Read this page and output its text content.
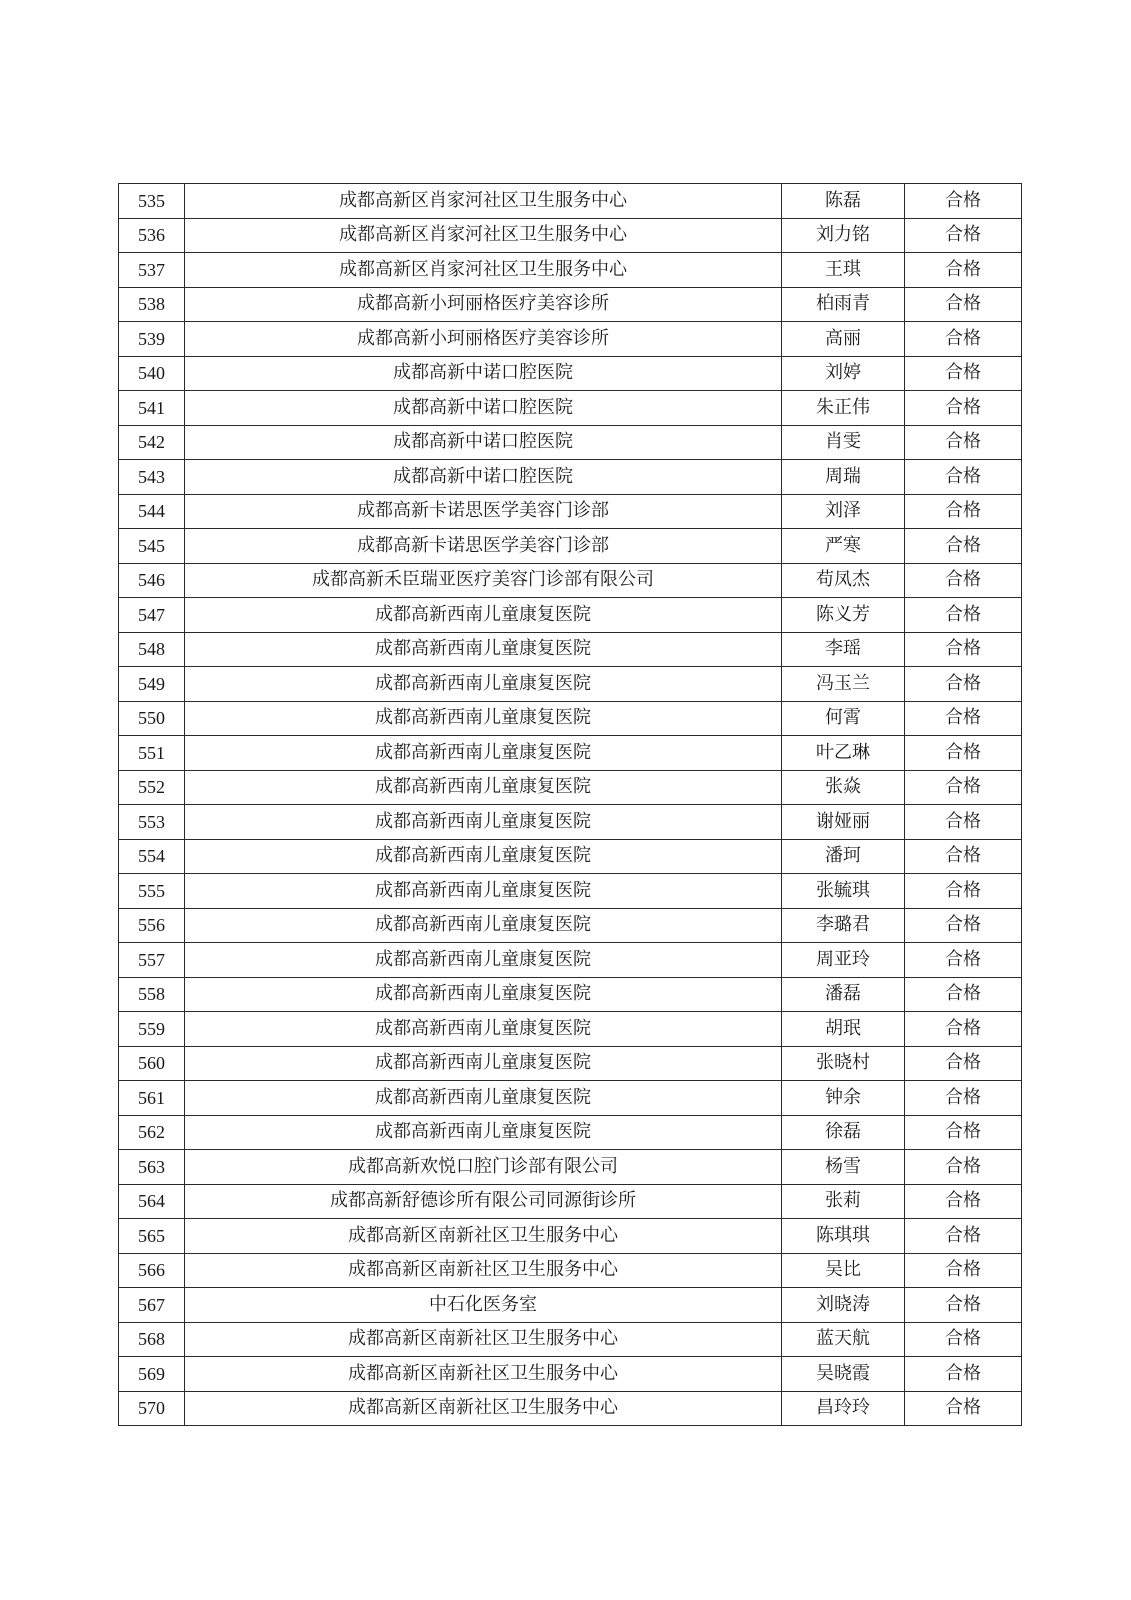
535	成都高新区肖家河社区卫生服务中心	陈磊	合格
536	成都高新区肖家河社区卫生服务中心	刘力铭	合格
537	成都高新区肖家河社区卫生服务中心	王琪	合格
538	成都高新小珂丽格医疗美容诊所	柏雨青	合格
539	成都高新小珂丽格医疗美容诊所	高丽	合格
540	成都高新中诺口腔医院	刘婷	合格
541	成都高新中诺口腔医院	朱正伟	合格
542	成都高新中诺口腔医院	肖雯	合格
543	成都高新中诺口腔医院	周瑞	合格
544	成都高新卡诺思医学美容门诊部	刘泽	合格
545	成都高新卡诺思医学美容门诊部	严寒	合格
546	成都高新禾臣瑞亚医疗美容门诊部有限公司	苟凤杰	合格
547	成都高新西南儿童康复医院	陈义芳	合格
548	成都高新西南儿童康复医院	李瑶	合格
549	成都高新西南儿童康复医院	冯玉兰	合格
550	成都高新西南儿童康复医院	何霄	合格
551	成都高新西南儿童康复医院	叶乙琳	合格
552	成都高新西南儿童康复医院	张焱	合格
553	成都高新西南儿童康复医院	谢娅丽	合格
554	成都高新西南儿童康复医院	潘珂	合格
555	成都高新西南儿童康复医院	张毓琪	合格
556	成都高新西南儿童康复医院	李璐君	合格
557	成都高新西南儿童康复医院	周亚玲	合格
558	成都高新西南儿童康复医院	潘磊	合格
559	成都高新西南儿童康复医院	胡珉	合格
560	成都高新西南儿童康复医院	张晓村	合格
561	成都高新西南儿童康复医院	钟余	合格
562	成都高新西南儿童康复医院	徐磊	合格
563	成都高新欢悦口腔门诊部有限公司	杨雪	合格
564	成都高新舒德诊所有限公司同源街诊所	张莉	合格
565	成都高新区南新社区卫生服务中心	陈琪琪	合格
566	成都高新区南新社区卫生服务中心	吴比	合格
567	中石化医务室	刘晓涛	合格
568	成都高新区南新社区卫生服务中心	蓝天航	合格
569	成都高新区南新社区卫生服务中心	吴晓霞	合格
570	成都高新区南新社区卫生服务中心	昌玲玲	合格
